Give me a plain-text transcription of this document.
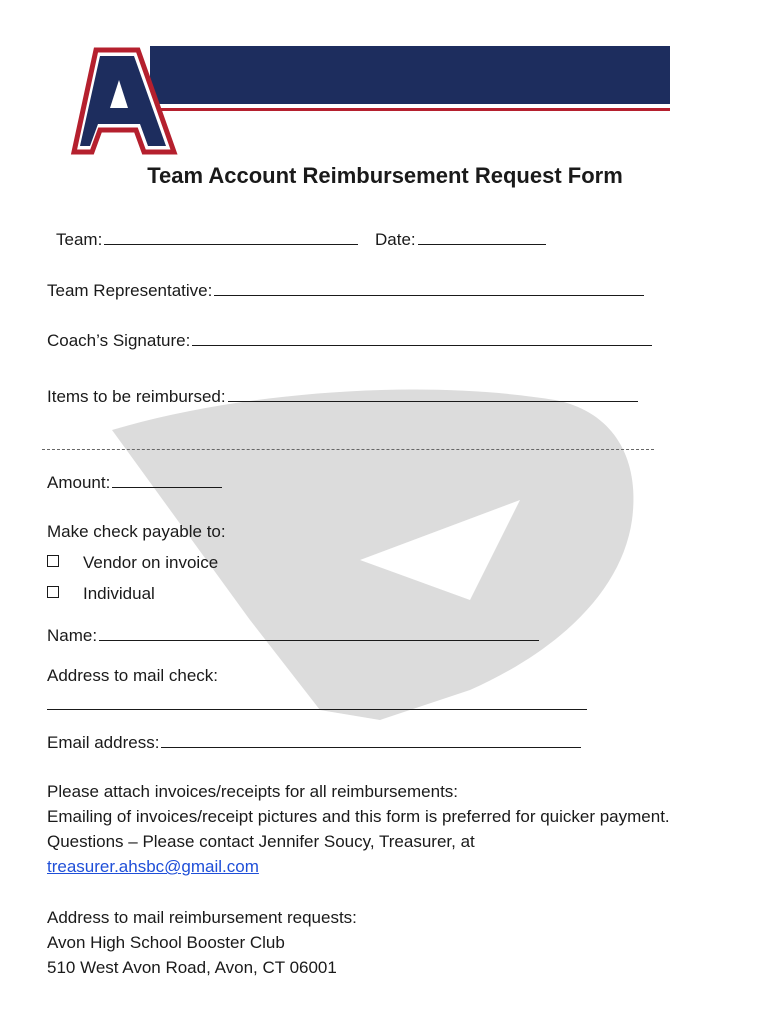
Team Account Reimbursement Request Form
Team:	Date:
Team Representative:
Coach’s Signature:
Items to be reimbursed:
Amount:
Make check payable to:
Vendor on invoice
Individual
Name:
Address to mail check:
Email address:
Please attach invoices/receipts for all reimbursements:
Emailing of invoices/receipt pictures and this form is preferred for quicker payment.
Questions – Please contact Jennifer Soucy, Treasurer, at
treasurer.ahsbc@gmail.com
Address to mail reimbursement requests:
Avon High School Booster Club
510 West Avon Road, Avon, CT 06001
